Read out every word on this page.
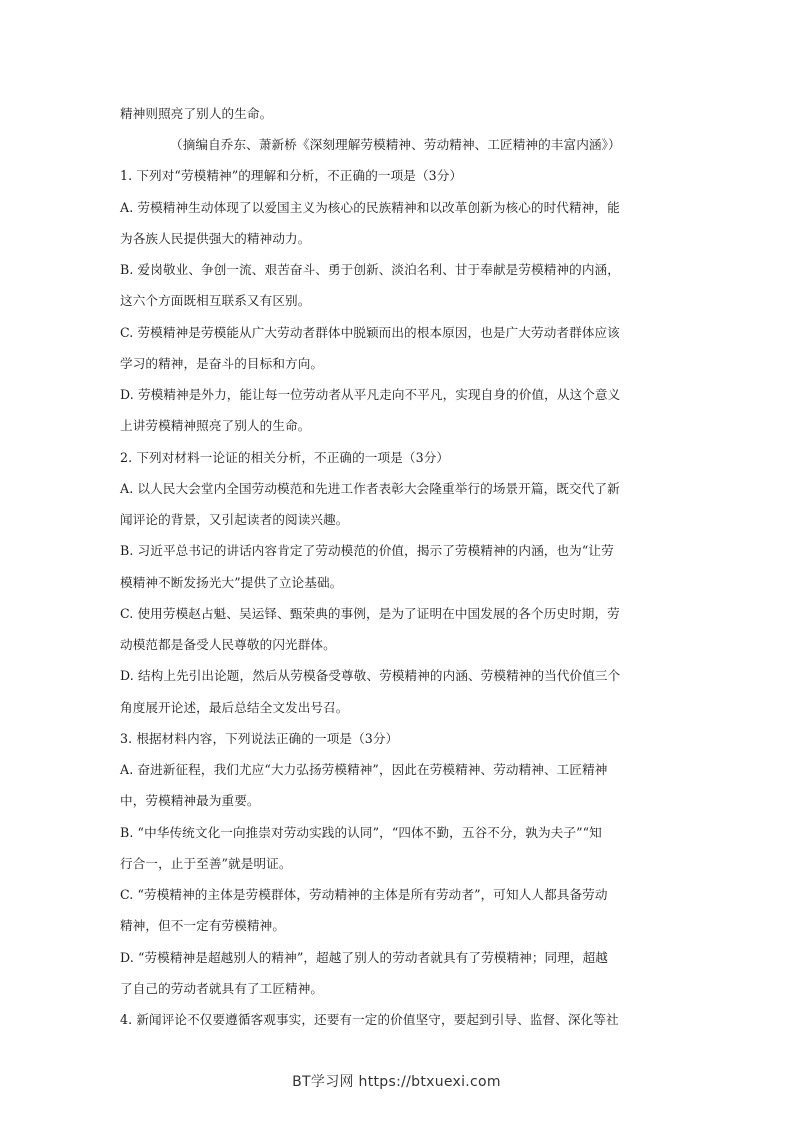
精神则照亮了别人的生命。
（摘编自乔东、萧新桥《深刻理解劳模精神、劳动精神、工匠精神的丰富内涵》）
1. 下列对“劳模精神”的理解和分析，不正确的一项是（3分）
A. 劳模精神生动体现了以爱国主义为核心的民族精神和以改革创新为核心的时代精神，能
为各族人民提供强大的精神动力。
B. 爱岗敬业、争创一流、艰苦奋斗、勇于创新、淡泊名利、甘于奉献是劳模精神的内涵，
这六个方面既相互联系又有区别。
C. 劳模精神是劳模能从广大劳动者群体中脱颖而出的根本原因，也是广大劳动者群体应该
学习的精神，是奋斗的目标和方向。
D. 劳模精神是外力，能让每一位劳动者从平凡走向不平凡，实现自身的价值，从这个意义
上讲劳模精神照亮了别人的生命。
2. 下列对材料一论证的相关分析，不正确的一项是（3分）
A. 以人民大会堂内全国劳动模范和先进工作者表彰大会隆重举行的场景开篇，既交代了新
闻评论的背景，又引起读者的阅读兴趣。
B. 习近平总书记的讲话内容肯定了劳动模范的价值，揭示了劳模精神的内涵，也为“让劳
模精神不断发扬光大”提供了立论基础。
C. 使用劳模赵占魁、吴运铎、甄荣典的事例，是为了证明在中国发展的各个历史时期，劳
动模范都是备受人民尊敬的闪光群体。
D. 结构上先引出论题，然后从劳模备受尊敬、劳模精神的内涵、劳模精神的当代价值三个
角度展开论述，最后总结全文发出号召。
3. 根据材料内容，下列说法正确的一项是（3分）
A. 奋进新征程，我们尤应“大力弘扬劳模精神”，因此在劳模精神、劳动精神、工匠精神
中，劳模精神最为重要。
B. “中华传统文化一向推崇对劳动实践的认同”，“四体不勤，五谷不分，孰为夫子”“知
行合一，止于至善”就是明证。
C. “劳模精神的主体是劳模群体，劳动精神的主体是所有劳动者”，可知人人都具备劳动
精神，但不一定有劳模精神。
D. “劳模精神是超越别人的精神”，超越了别人的劳动者就具有了劳模精神；同理，超越
了自己的劳动者就具有了工匠精神。
4. 新闻评论不仅要遵循客观事实，还要有一定的价值坚守，要起到引导、监督、深化等社
BT学习网 https://btxuexi.com
